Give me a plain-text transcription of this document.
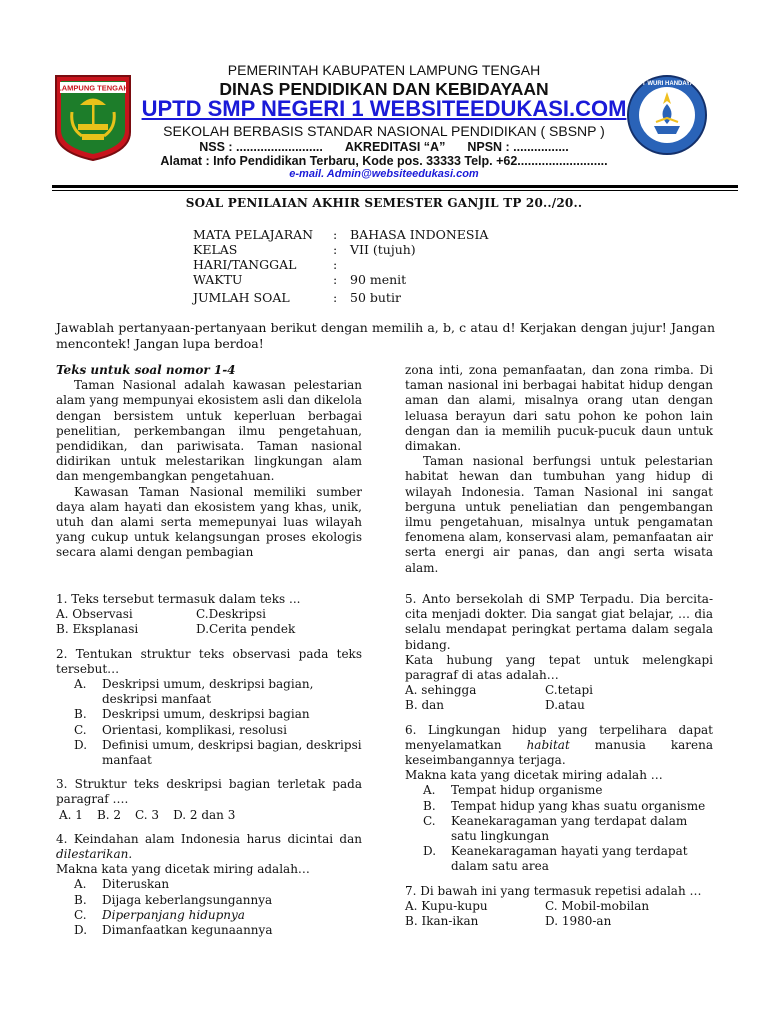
LAMPUNG TENGAH	TUT WURI HANDAYANI
PEMERINTAH KABUPATEN LAMPUNG TENGAH
DINAS PENDIDIKAN DAN KEBIDAYAAN
UPTD SMP NEGERI 1 WEBSITEEDUKASI.COM
SEKOLAH BERBASIS STANDAR NASIONAL PENDIDIKAN ( SBSNP )
NSS : ......................... AKREDITASI “A” NPSN : ................
Alamat : Info Pendidikan Terbaru, Kode pos. 33333 Telp. +62..........................
e-mail. Admin@websiteedukasi.com
SOAL PENILAIAN AKHIR SEMESTER GANJIL TP 20../20..
MATA PELAJARAN : BAHASA INDONESIA
KELAS	: VII (tujuh)
HARI/TANGGAL	:
WAKTU	: 90 menit
JUMLAH SOAL	: 50 butir
Jawablah pertanyaan-pertanyaan berikut dengan memilih a, b, c atau d! Kerjakan dengan jujur! Jangan mencontek! Jangan lupa berdoa!
Teks untuk soal nomor 1-4

Taman Nasional adalah kawasan pelestarian alam yang mempunyai ekosistem asli dan dikelola dengan bersistem untuk keperluan berbagai penelitian, perkembangan ilmu pengetahuan, pendidikan, dan pariwisata. Taman nasional didirikan untuk melestarikan lingkungan alam dan mengembangkan pengetahuan.

Kawasan Taman Nasional memiliki sumber daya alam hayati dan ekosistem yang khas, unik, utuh dan alami serta memepunyai luas wilayah yang cukup untuk kelangsungan proses ekologis secara alami dengan pembagian

zona inti, zona pemanfaatan, dan zona rimba. Di taman nasional ini berbagai habitat hidup dengan aman dan alami, misalnya orang utan dengan leluasa berayun dari satu pohon ke pohon lain dengan dan ia memilih pucuk-pucuk daun untuk dimakan.

Taman nasional berfungsi untuk pelestarian habitat hewan dan tumbuhan yang hidup di wilayah Indonesia. Taman Nasional ini sangat berguna untuk peneliatian dan pengembangan ilmu pengetahuan, misalnya untuk pengamatan fenomena alam, konservasi alam, pemanfaatan air serta energi air panas, dan angi serta wisata alam.

1. Teks tersebut termasuk dalam teks ...

A. Observasi	C.Deskripsi
B. Eksplanasi	D.Cerita pendek

2. Tentukan struktur teks observasi pada teks tersebut…

A. Deskripsi umum, deskripsi bagian, deskripsi manfaat
B. Deskripsi umum, deskripsi bagian
C. Orientasi, komplikasi, resolusi
D. Definisi umum, deskripsi bagian, deskripsi manfaat

3. Struktur teks deskripsi bagian terletak pada paragraf ….

A. 1 B. 2 C. 3 D. 2 dan 3

4. Keindahan alam Indonesia harus dicintai dan dilestarikan.

Makna kata yang dicetak miring adalah…

A. Diteruskan
B. Dijaga keberlangsungannya
C. Diperpanjang hidupnya
D. Dimanfaatkan kegunaannya

5. Anto bersekolah di SMP Terpadu. Dia bercita-cita menjadi dokter. Dia sangat giat belajar, … dia selalu mendapat peringkat pertama dalam segala bidang.

Kata hubung yang tepat untuk melengkapi paragraf di atas adalah…

A. sehingga	C.tetapi
B. dan	D.atau

6. Lingkungan hidup yang terpelihara dapat menyelamatkan habitat manusia karena keseimbangannya terjaga.

Makna kata yang dicetak miring adalah …

A. Tempat hidup organisme
B. Tempat hidup yang khas suatu organisme
C. Keanekaragaman yang terdapat dalam satu lingkungan
D. Keanekaragaman hayati yang terdapat dalam satu area

7. Di bawah ini yang termasuk repetisi adalah …

A. Kupu-kupu	C. Mobil-mobilan
B. Ikan-ikan	D. 1980-an
